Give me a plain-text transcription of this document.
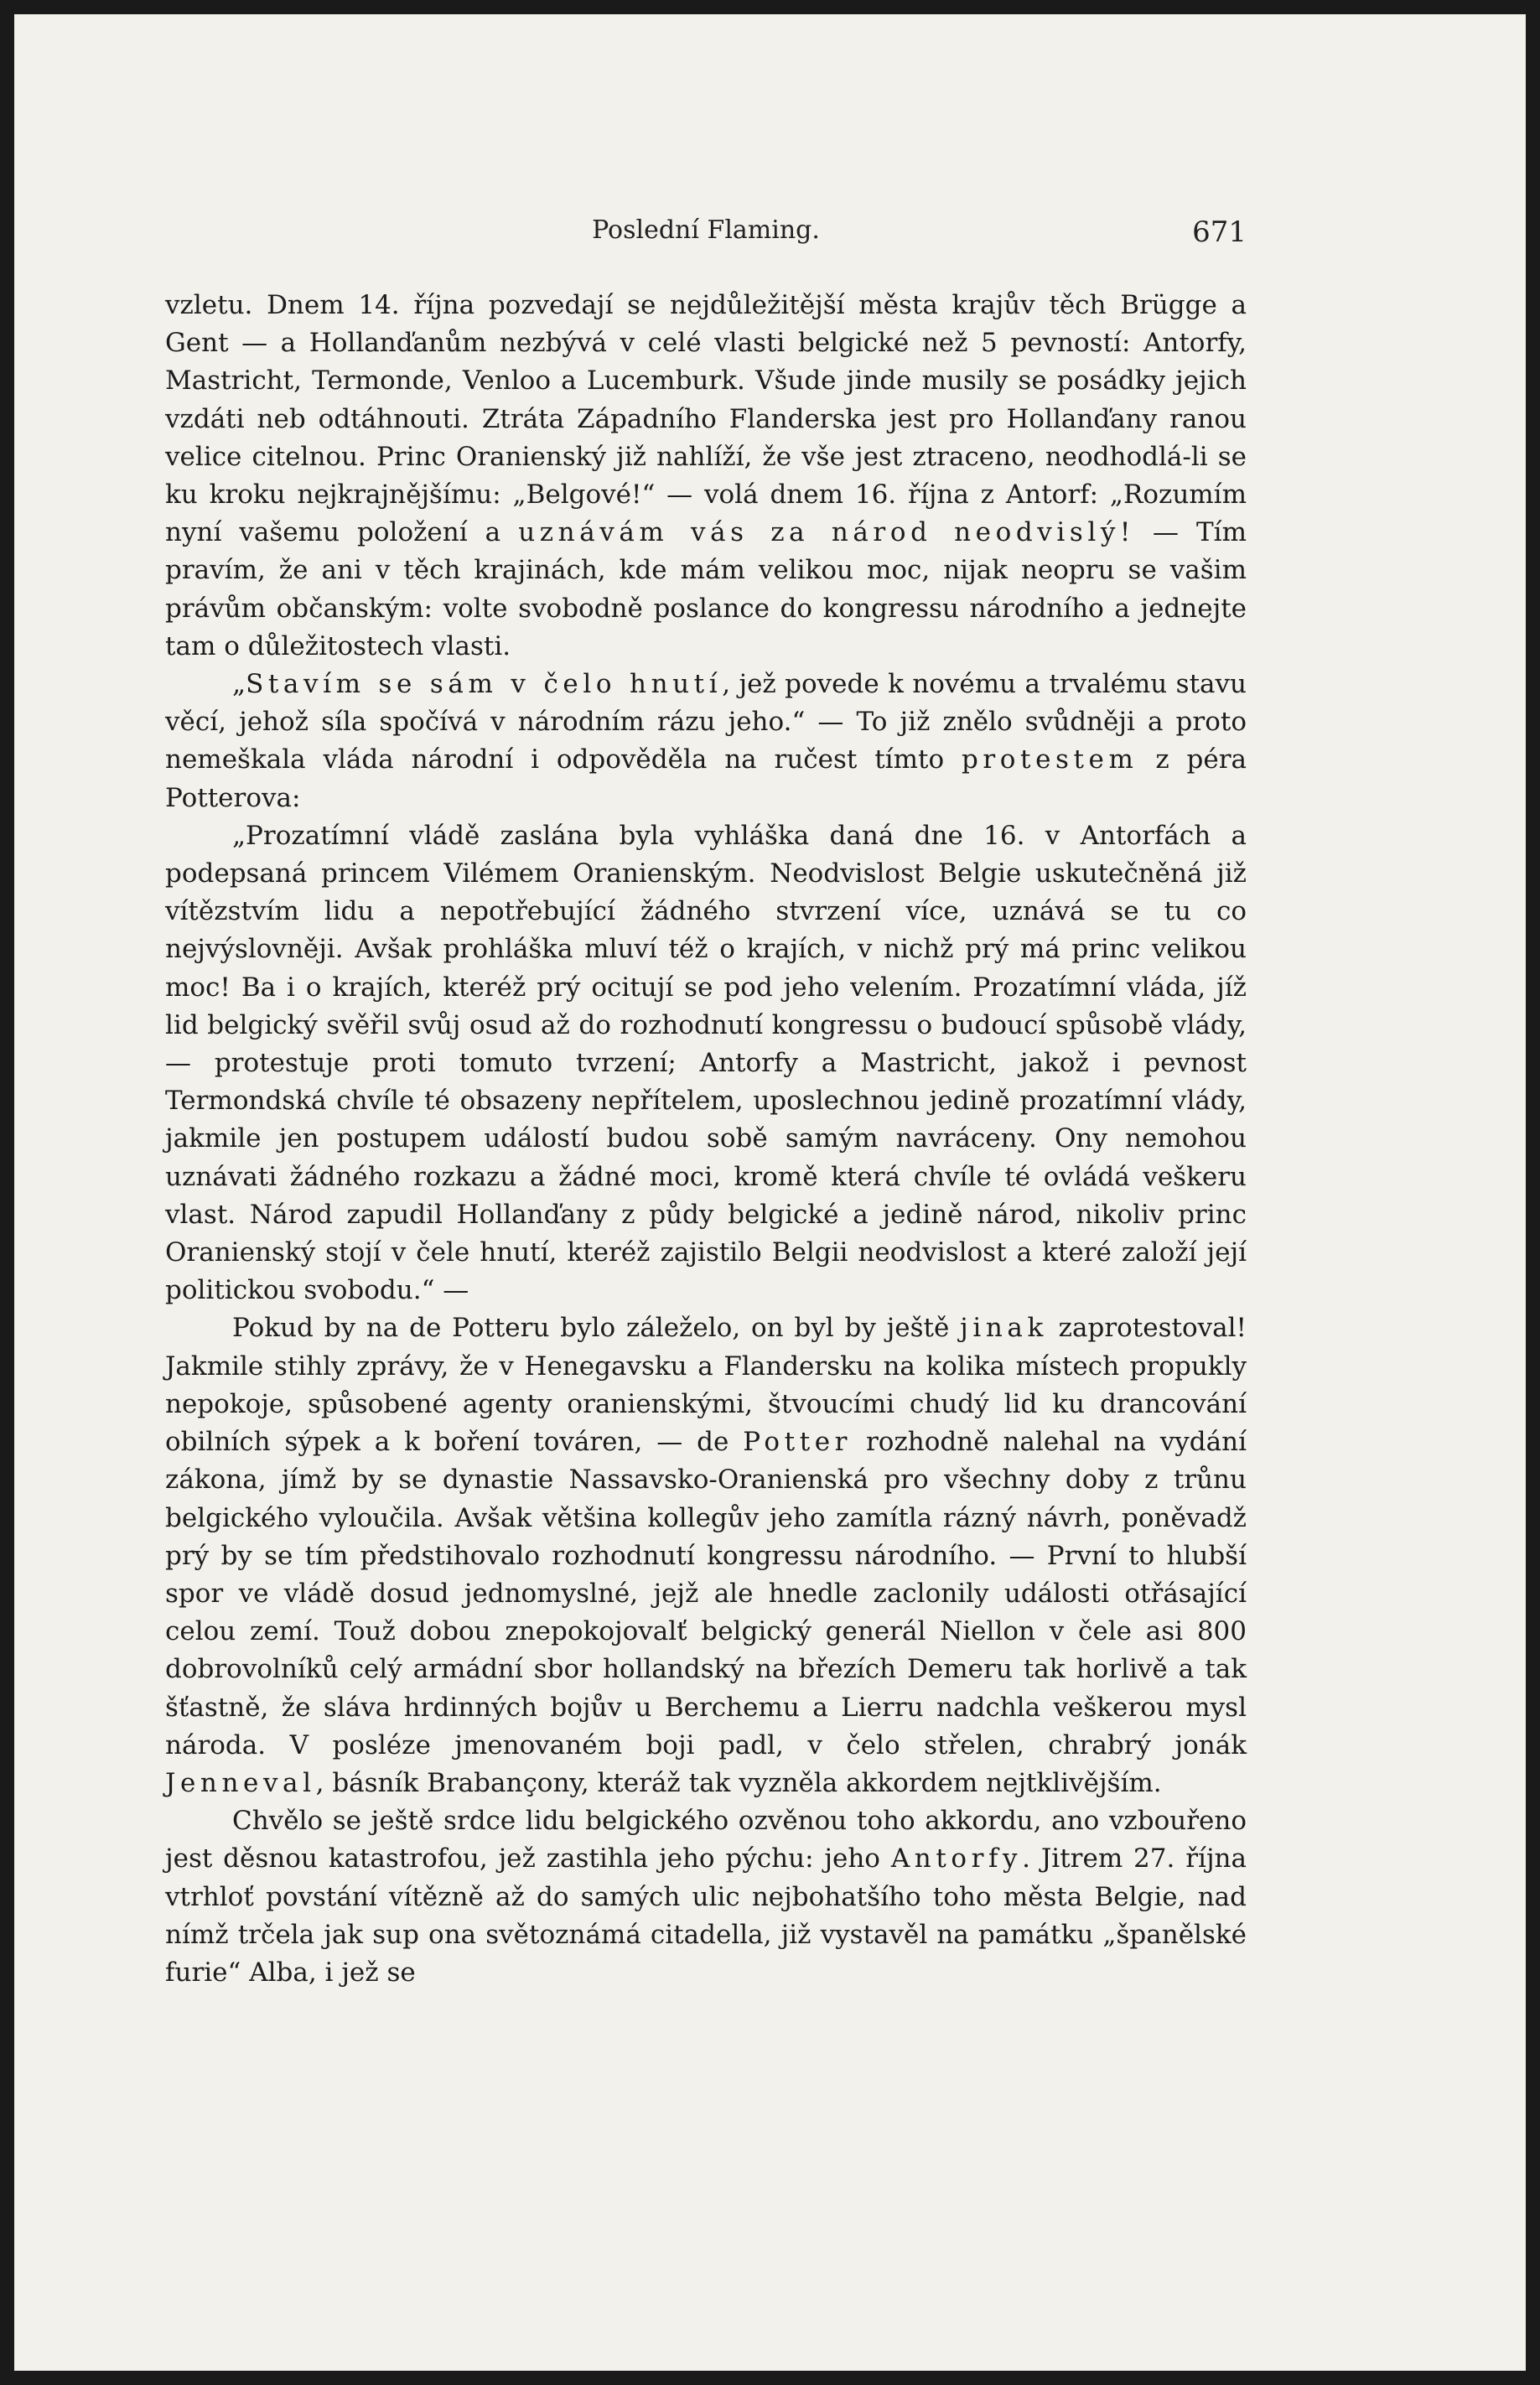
Poslední Flaming.	671

vzletu. Dnem 14. října pozvedají se nejdůležitější města krajův těch Brügge a Gent — a Hollanďanům nezbývá v celé vlasti belgické než 5 pevností: Antorfy, Mastricht, Termonde, Venloo a Lucemburk. Všude jinde musily se posádky jejich vzdáti neb odtáhnouti. Ztráta Západního Flanderska jest pro Hollanďany ranou velice citelnou. Princ Oranienský již nahlíží, že vše jest ztraceno, neodhodlá-li se ku kroku nejkrajnějšímu: „Belgové!“ — volá dnem 16. října z Antorf: „Rozumím nyní vašemu položení a uznávám vás za národ neodvislý! — Tím pravím, že ani v těch krajinách, kde mám velikou moc, nijak neopru se vašim právům občanským: volte svobodně poslance do kongressu národního a jednejte tam o důležitostech vlasti.

„Stavím se sám v čelo hnutí, jež povede k novému a trvalému stavu věcí, jehož síla spočívá v národním rázu jeho.“ — To již znělo svůdněji a proto nemeškala vláda národní i odpověděla na ručest tímto protestem z péra Potterova:

„Prozatímní vládě zaslána byla vyhláška daná dne 16. v Antorfách a podepsaná princem Vilémem Oranienským. Neodvislost Belgie uskutečněná již vítězstvím lidu a nepotřebující žádného stvrzení více, uznává se tu co nejvýslovněji. Avšak prohláška mluví též o krajích, v nichž prý má princ velikou moc! Ba i o krajích, kteréž prý ocitují se pod jeho velením. Prozatímní vláda, jíž lid belgický svěřil svůj osud až do rozhodnutí kongressu o budoucí spůsobě vlády, — protestuje proti tomuto tvrzení; Antorfy a Mastricht, jakož i pevnost Termondská chvíle té obsazeny nepřítelem, uposlechnou jedině prozatímní vlády, jakmile jen postupem událostí budou sobě samým navráceny. Ony nemohou uznávati žádného rozkazu a žádné moci, kromě která chvíle té ovládá veškeru vlast. Národ zapudil Hollanďany z půdy belgické a jedině národ, nikoliv princ Oranienský stojí v čele hnutí, kteréž zajistilo Belgii neodvislost a které založí její politickou svobodu.“ —

Pokud by na de Potteru bylo záleželo, on byl by ještě jinak zaprotestoval! Jakmile stihly zprávy, že v Henegavsku a Flandersku na kolika místech propukly nepokoje, spůsobené agenty oranienskými, štvoucími chudý lid ku drancování obilních sýpek a k boření továren, — de Potter rozhodně nalehal na vydání zákona, jímž by se dynastie Nassavsko-Oranienská pro všechny doby z trůnu belgického vyloučila. Avšak většina kollegův jeho zamítla rázný návrh, poněvadž prý by se tím předstihovalo rozhodnutí kongressu národního. — První to hlubší spor ve vládě dosud jednomyslné, jejž ale hnedle zaclonily události otřásající celou zemí. Touž dobou znepokojovalť belgický generál Niellon v čele asi 800 dobrovolníků celý armádní sbor hollandský na březích Demeru tak horlivě a tak šťastně, že sláva hrdinných bojův u Berchemu a Lierru nadchla veškerou mysl národa. V posléze jmenovaném boji padl, v čelo střelen, chrabrý jonák Jenneval, básník Brabançony, kteráž tak vyzněla akkordem nejtklivějším.

Chvělo se ještě srdce lidu belgického ozvěnou toho akkordu, ano vzbouřeno jest děsnou katastrofou, jež zastihla jeho pýchu: jeho Antorfy. Jitrem 27. října vtrhloť povstání vítězně až do samých ulic nejbohatšího toho města Belgie, nad nímž trčela jak sup ona světoznámá citadella, již vystavěl na památku „španělské furie“ Alba, i jež se
